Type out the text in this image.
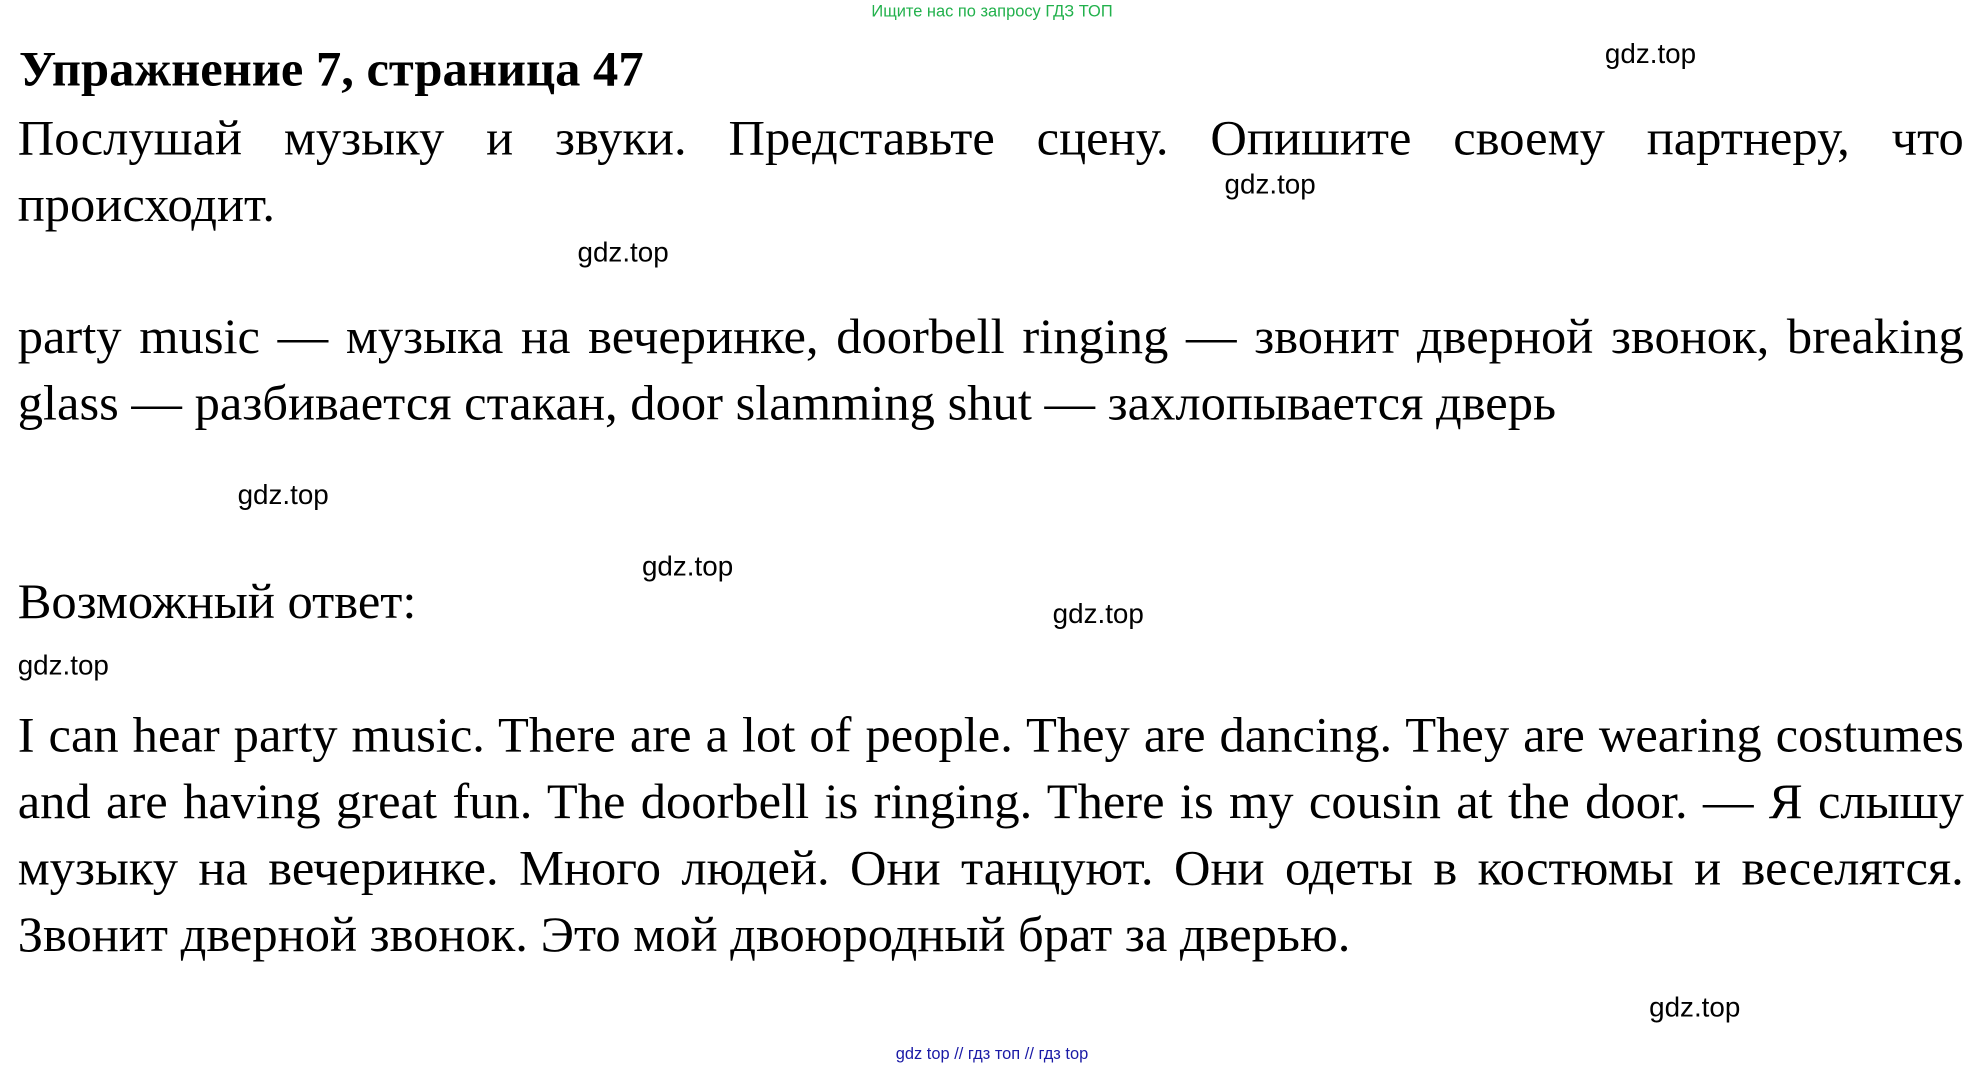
Ищите нас по запросу ГДЗ ТОП
Упражнение 7, страница 47
Послушай музыку и звуки. Представьте сцену. Опишите своему партнеру, что происходит.
party music — музыка на вечеринке, doorbell ringing — звонит дверной звонок, breaking glass — разбивается стакан, door slamming shut — захлопывается дверь
Возможный ответ:
I can hear party music. There are a lot of people. They are dancing. They are wearing costumes and are having great fun. The doorbell is ringing. There is my cousin at the door. — Я слышу музыку на вечеринке. Много людей. Они танцуют. Они одеты в костюмы и веселятся. Звонит дверной звонок. Это мой двоюродный брат за дверью.
gdz.top
gdz.top
gdz.top
gdz.top
gdz.top
gdz.top
gdz.top
gdz.top
gdz top // гдз топ // гдз top
